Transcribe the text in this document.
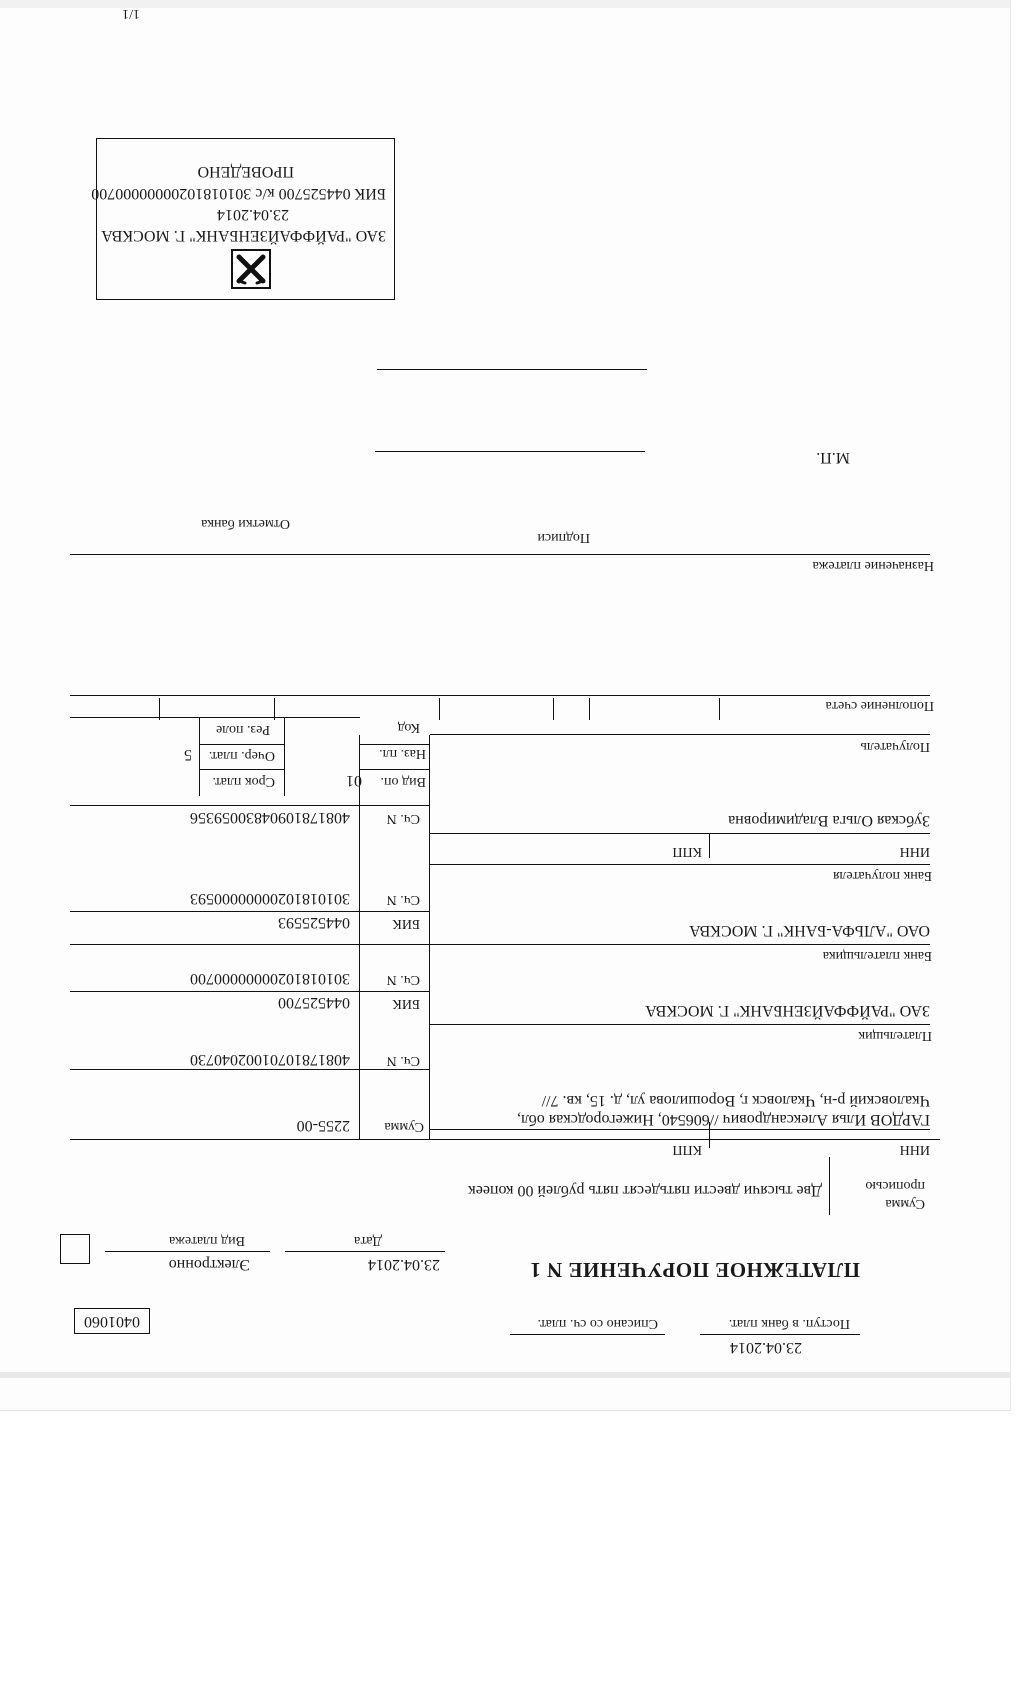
23.04.2014
Поступ. в банк плат.
Списано со сч. плат.
0401060
ПЛАТЕЖНОЕ ПОРУЧЕНИЕ N 1
23.04.2014
Дата
Электронно
Вид платежа
Сумма
прописью
Две тысячи двести пятьдесят пять рублей 00 копеек
ИНН
КПП
Сумма
2255-00	ГАРДОВ Илья Александрович //606540, Нижегородская обл,
Чкаловский р-н, Чкаловск г, Ворошилова ул, д. 15, кв. 7//
Сч. N
40817810701002040730
Плательщик
ЗАО "РАЙФФАЙЗЕНБАНК" Г. МОСКВА
БИК
044525700
Сч. N
30101810200000000700
Банк плательщика
ОАО "АЛЬФА-БАНК" Г. МОСКВА
БИК
044525593
Сч. N
30101810200000000593
Банк получателя
ИНН
КПП
Зубская Ольга Владимировна
Сч. N
40817810904830059356
Вид оп.
01
Наз. пл.
Код
Срок плат.
Очер. плат.
5
Рез. поле
Получатель
Пополнение счета
Назначение платежа
Подписи
Отметки банка
М.П.
ЗАО "РАЙФФАЙЗЕНБАНК" Г. МОСКВА
23.04.2014
БИК 044525700 к/с 30101810200000000700
ПРОВЕДЕНО
1/1
